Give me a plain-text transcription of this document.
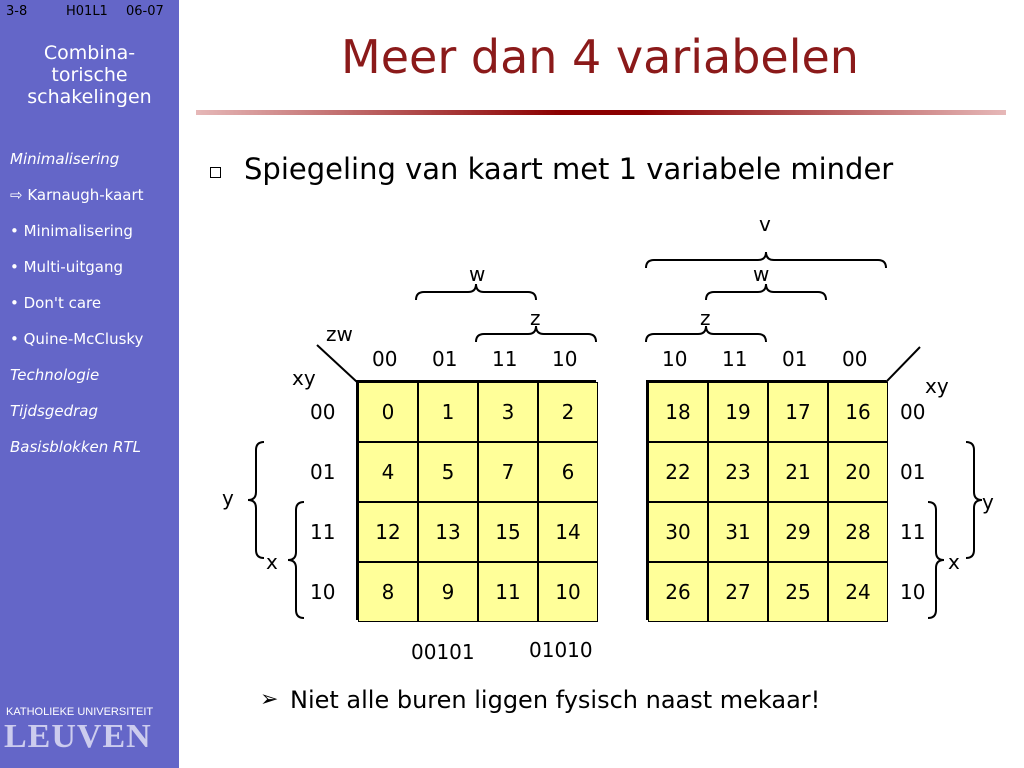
3-8	H01L1 06-07
Combina-
torische
schakelingen
Minimalisering
⇨ Karnaugh-kaart
• Minimalisering
• Multi-uitgang
• Don't care
• Quine-McClusky
Technologie
Tijdsgedrag
Basisblokken RTL
KATHOLIEKE UNIVERSITEIT
LEUVEN
Meer dan 4 variabelen
Spiegeling van kaart met 1 variabele minder
zw
xy
00 01 11 10
00
01
11
10
w
z
y
x
0	1	3	2
4	5	7	6
12	13	15	14
8	9	11	10
xy
10 11 01 00
00
01
11
10
v
w
z
y
x
18	19	17	16
22	23	21	20
30	31	29	28
26	27	25	24
00101	01010
➢ Niet alle buren liggen fysisch naast mekaar!
